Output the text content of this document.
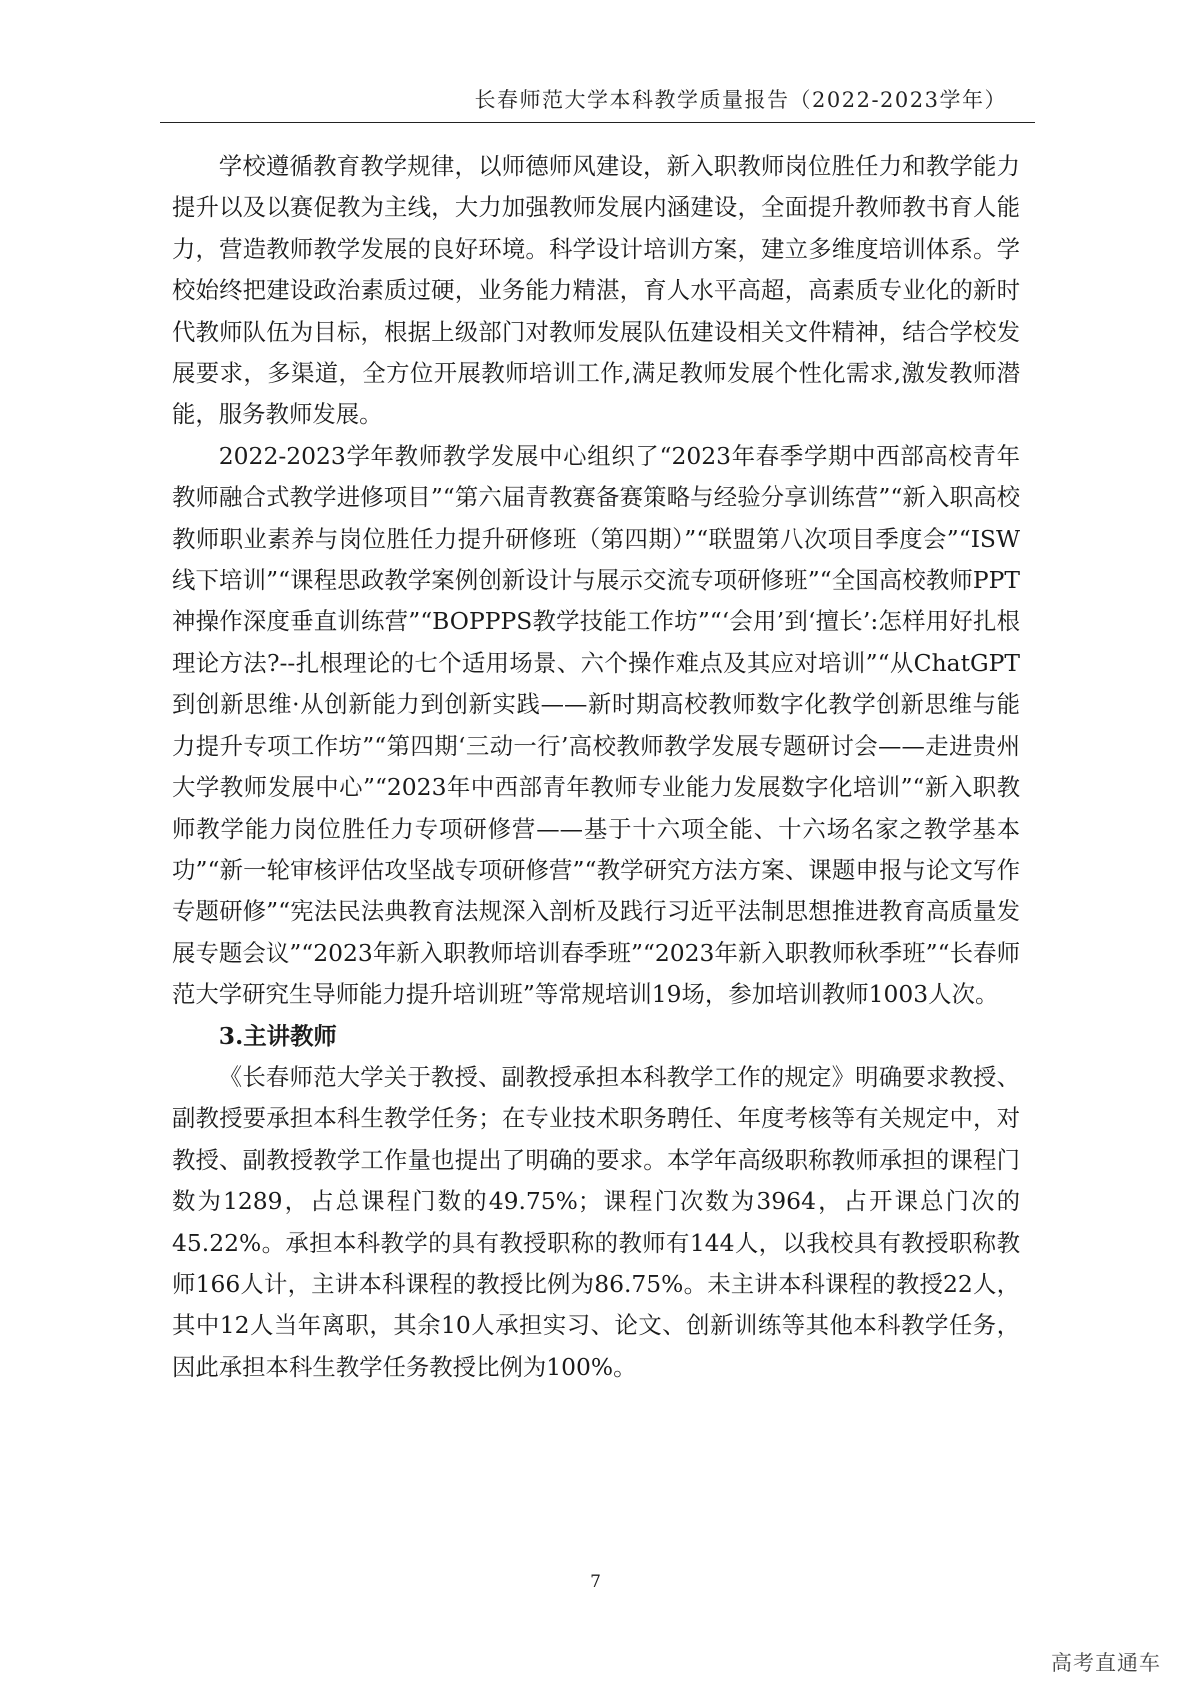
长春师范大学本科教学质量报告（2022-2023学年）

学校遵循教育教学规律，以师德师风建设，新入职教师岗位胜任力和教学能力提升以及以赛促教为主线，大力加强教师发展内涵建设，全面提升教师教书育人能力，营造教师教学发展的良好环境。科学设计培训方案，建立多维度培训体系。学校始终把建设政治素质过硬，业务能力精湛，育人水平高超，高素质专业化的新时代教师队伍为目标，根据上级部门对教师发展队伍建设相关文件精神，结合学校发展要求，多渠道，全方位开展教师培训工作,满足教师发展个性化需求,激发教师潜能，服务教师发展。

2022-2023学年教师教学发展中心组织了“2023年春季学期中西部高校青年教师融合式教学进修项目”“第六届青教赛备赛策略与经验分享训练营”“新入职高校教师职业素养与岗位胜任力提升研修班（第四期）”“联盟第八次项目季度会”“ISW线下培训”“课程思政教学案例创新设计与展示交流专项研修班”“全国高校教师PPT神操作深度垂直训练营”“BOPPPS教学技能工作坊”“‘会用’到‘擅长’:怎样用好扎根理论方法?--扎根理论的七个适用场景、六个操作难点及其应对培训”“从ChatGPT到创新思维·从创新能力到创新实践——新时期高校教师数字化教学创新思维与能力提升专项工作坊”“第四期‘三动一行’高校教师教学发展专题研讨会——走进贵州大学教师发展中心”“2023年中西部青年教师专业能力发展数字化培训”“新入职教师教学能力岗位胜任力专项研修营——基于十六项全能、十六场名家之教学基本功”“新一轮审核评估攻坚战专项研修营”“教学研究方法方案、课题申报与论文写作专题研修”“宪法民法典教育法规深入剖析及践行习近平法制思想推进教育高质量发展专题会议”“2023年新入职教师培训春季班”“2023年新入职教师秋季班”“长春师范大学研究生导师能力提升培训班”等常规培训19场，参加培训教师1003人次。

3.主讲教师

《长春师范大学关于教授、副教授承担本科教学工作的规定》明确要求教授、副教授要承担本科生教学任务；在专业技术职务聘任、年度考核等有关规定中，对教授、副教授教学工作量也提出了明确的要求。本学年高级职称教师承担的课程门数为1289，占总课程门数的49.75%；课程门次数为3964，占开课总门次的45.22%。承担本科教学的具有教授职称的教师有144人，以我校具有教授职称教师166人计，主讲本科课程的教授比例为86.75%。未主讲本科课程的教授22人，其中12人当年离职，其余10人承担实习、论文、创新训练等其他本科教学任务，因此承担本科生教学任务教授比例为100%。

7
高考直通车
